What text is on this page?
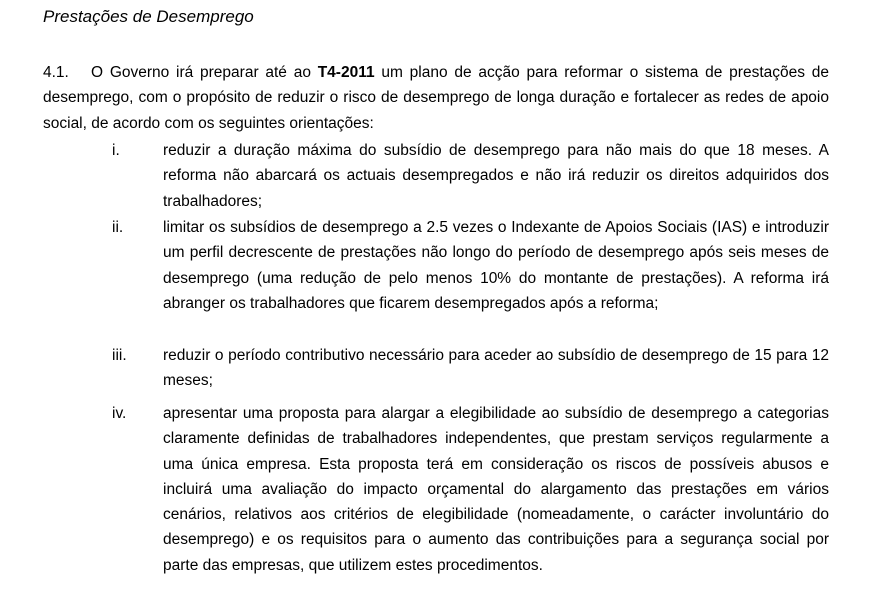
Prestações de Desemprego
4.1. O Governo irá preparar até ao T4-2011 um plano de acção para reformar o sistema de prestações de desemprego, com o propósito de reduzir o risco de desemprego de longa duração e fortalecer as redes de apoio social, de acordo com os seguintes orientações:
i.	reduzir a duração máxima do subsídio de desemprego para não mais do que 18 meses. A reforma não abarcará os actuais desempregados e não irá reduzir os direitos adquiridos dos trabalhadores;
ii.	limitar os subsídios de desemprego a 2.5 vezes o Indexante de Apoios Sociais (IAS) e introduzir um perfil decrescente de prestações não longo do período de desemprego após seis meses de desemprego (uma redução de pelo menos 10% do montante de prestações). A reforma irá abranger os trabalhadores que ficarem desempregados após a reforma;
iii.	reduzir o período contributivo necessário para aceder ao subsídio de desemprego de 15 para 12 meses;
iv.	apresentar uma proposta para alargar a elegibilidade ao subsídio de desemprego a categorias claramente definidas de trabalhadores independentes, que prestam serviços regularmente a uma única empresa. Esta proposta terá em consideração os riscos de possíveis abusos e incluirá uma avaliação do impacto orçamental do alargamento das prestações em vários cenários, relativos aos critérios de elegibilidade (nomeadamente, o carácter involuntário do desemprego) e os requisitos para o aumento das contribuições para a segurança social por parte das empresas, que utilizem estes procedimentos.
